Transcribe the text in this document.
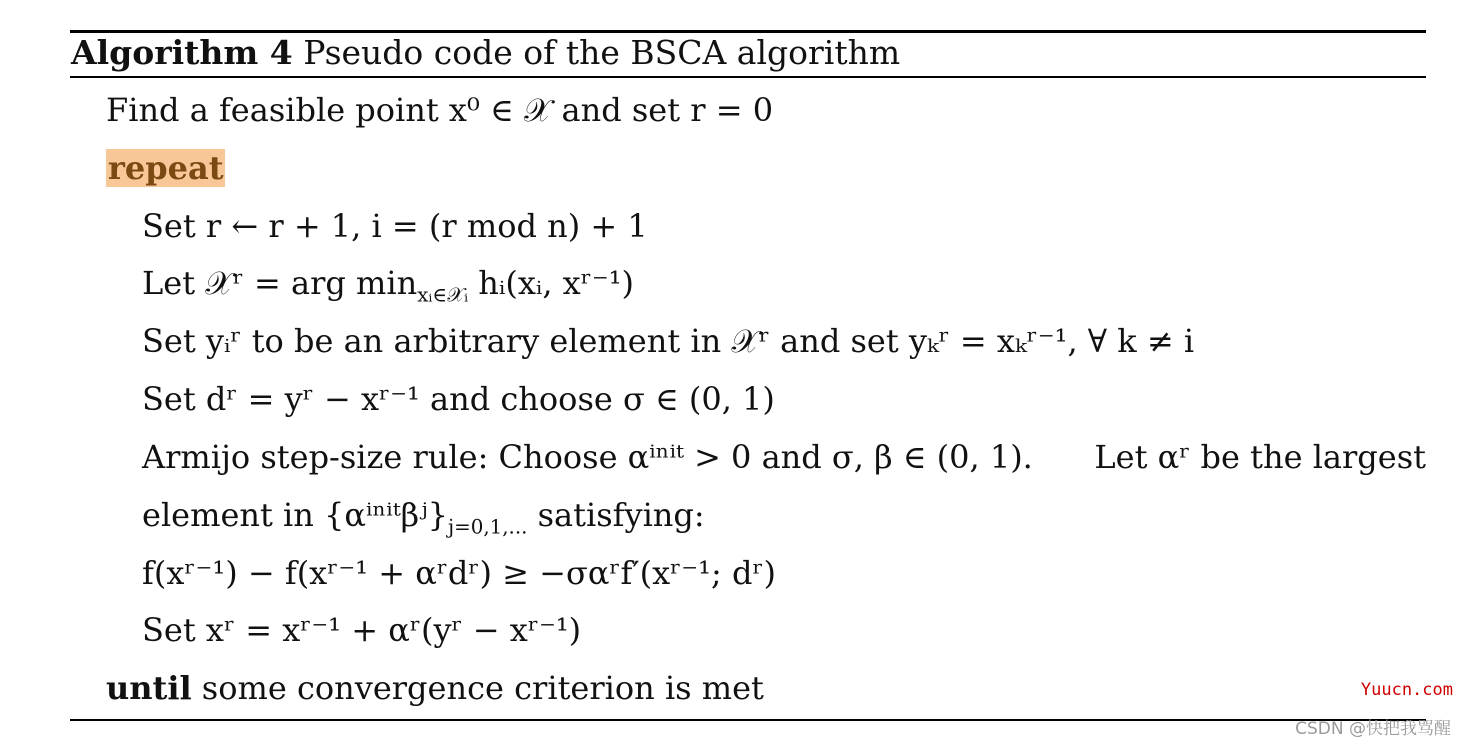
Algorithm 4 Pseudo code of the BSCA algorithm
Find a feasible point x⁰ ∈ 𝒳 and set r = 0
repeat
Set r ← r + 1, i = (r mod n) + 1
Let 𝒳ʳ = arg $\min_{xᵢ\in 𝒳ᵢ}$ hᵢ(xᵢ, xʳ⁻¹)
Set yᵢʳ to be an arbitrary element in 𝒳ʳ and set yₖʳ = xₖʳ⁻¹, ∀ k ≠ i
Set dʳ = yʳ − xʳ⁻¹ and choose σ ∈ (0, 1)
Armijo step-size rule: Choose αⁱⁿⁱᵗ > 0 and σ, β ∈ (0, 1). Let αʳ be the largest
element in $\{\alpha^{ini}ᵗ\beta ʲ\}_{j=0,1,...}$ satisfying:
f(xʳ⁻¹) − f(xʳ⁻¹ + αʳdʳ) ≥ −σαʳf′(xʳ⁻¹; dʳ)
Set xʳ = xʳ⁻¹ + αʳ(yʳ − xʳ⁻¹)
until some convergence criterion is met	Yuucn.com
CSDN @快把我骂醒
